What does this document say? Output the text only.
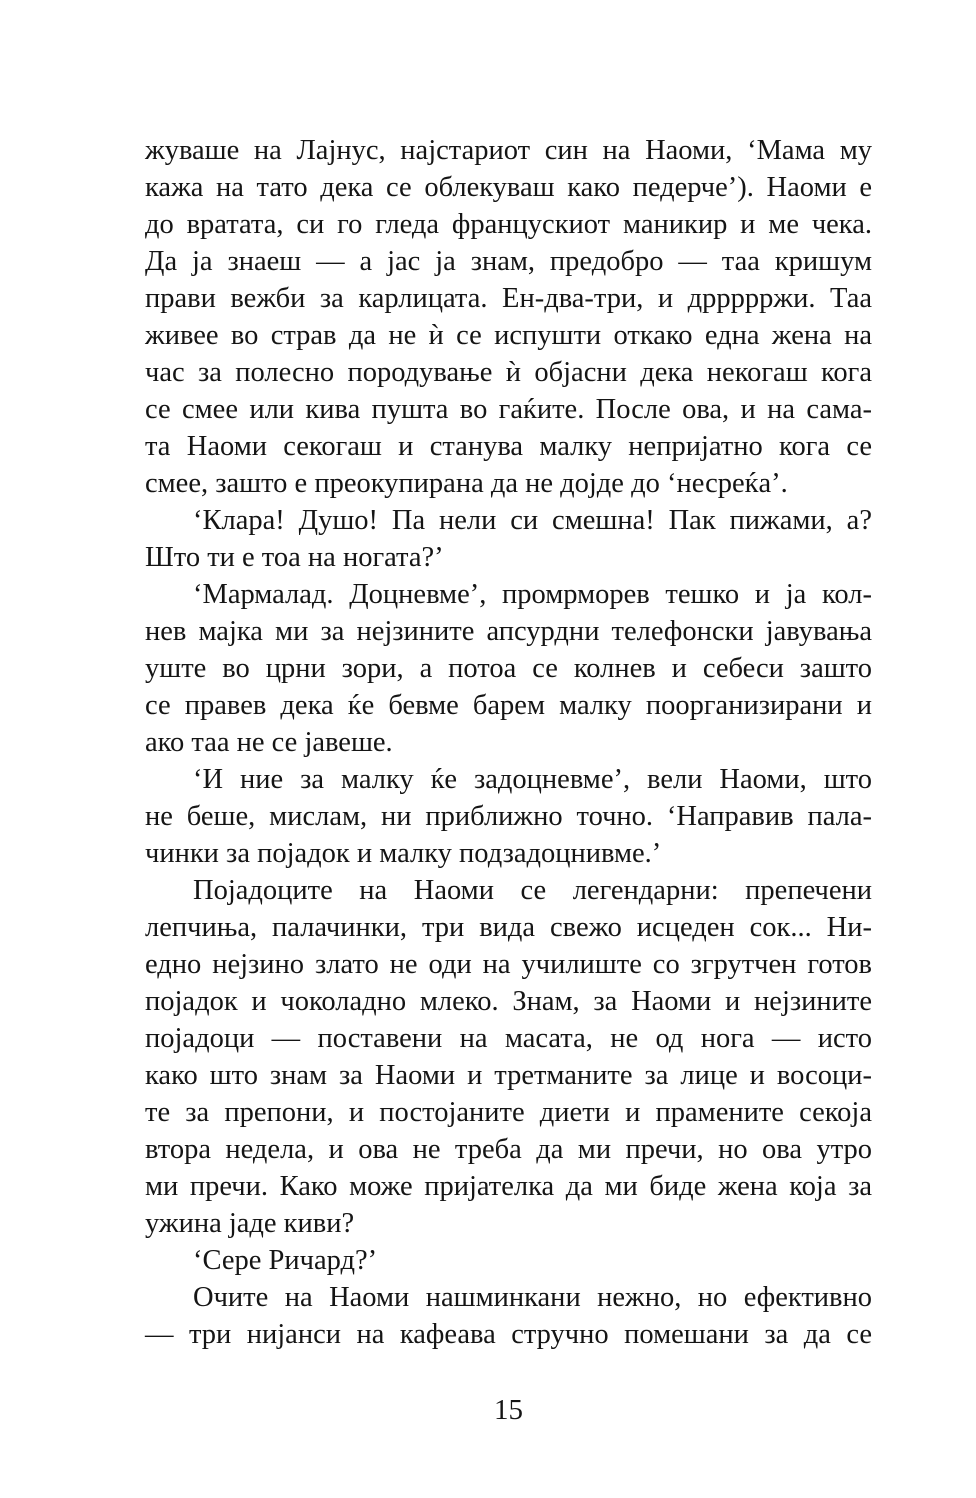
жуваше на Лајнус, најстариот син на Наоми, ‘Мама му
кажа на тато дека се облекуваш како педерче’). Наоми е
до вратата, си го гледа францускиот маникир и ме чека.
Да ја знаеш — а јас ја знам, предобро — таа кришум
прави вежби за карлицата. Ен-два-три, и дррррржи. Таа
живее во страв да не ѝ се испушти откако една жена на
час за полесно породување ѝ објасни дека некогаш кога
се смее или кива пушта во гаќите. После ова, и на сама-
та Наоми секогаш и станува малку непријатно кога се
смее, зашто е преокупирана да не дојде до ‘несреќа’.
‘Клара! Душо! Па нели си смешна! Пак пижами, а?
Што ти е тоа на ногата?’
‘Мармалад. Доцневме’, промрморев тешко и ја кол-
нев мајка ми за нејзините апсурдни телефонски јавувања
уште во црни зори, а потоа се колнев и себеси зашто
се правев дека ќе бевме барем малку поорганизирани и
ако таа не се јавеше.
‘И ние за малку ќе задоцневме’, вели Наоми, што
не беше, мислам, ни приближно точно. ‘Направив пала-
чинки за појадок и малку подзадоцнивме.’
Појадоците на Наоми се легендарни: препечени
лепчиња, палачинки, три вида свежо исцеден сок... Ни-
едно нејзино злато не оди на училиште со згрутчен готов
појадок и чоколадно млеко. Знам, за Наоми и нејзините
појадоци — поставени на масата, не од нога — исто
како што знам за Наоми и третманите за лице и восоци-
те за препони, и постојаните диети и прамените секоја
втора недела, и ова не треба да ми пречи, но ова утро
ми пречи. Како може пријателка да ми биде жена која за
ужина јаде киви?
‘Сере Ричард?’
Очите на Наоми нашминкани нежно, но ефективно
— три нијанси на кафеава стручно помешани за да се
15
